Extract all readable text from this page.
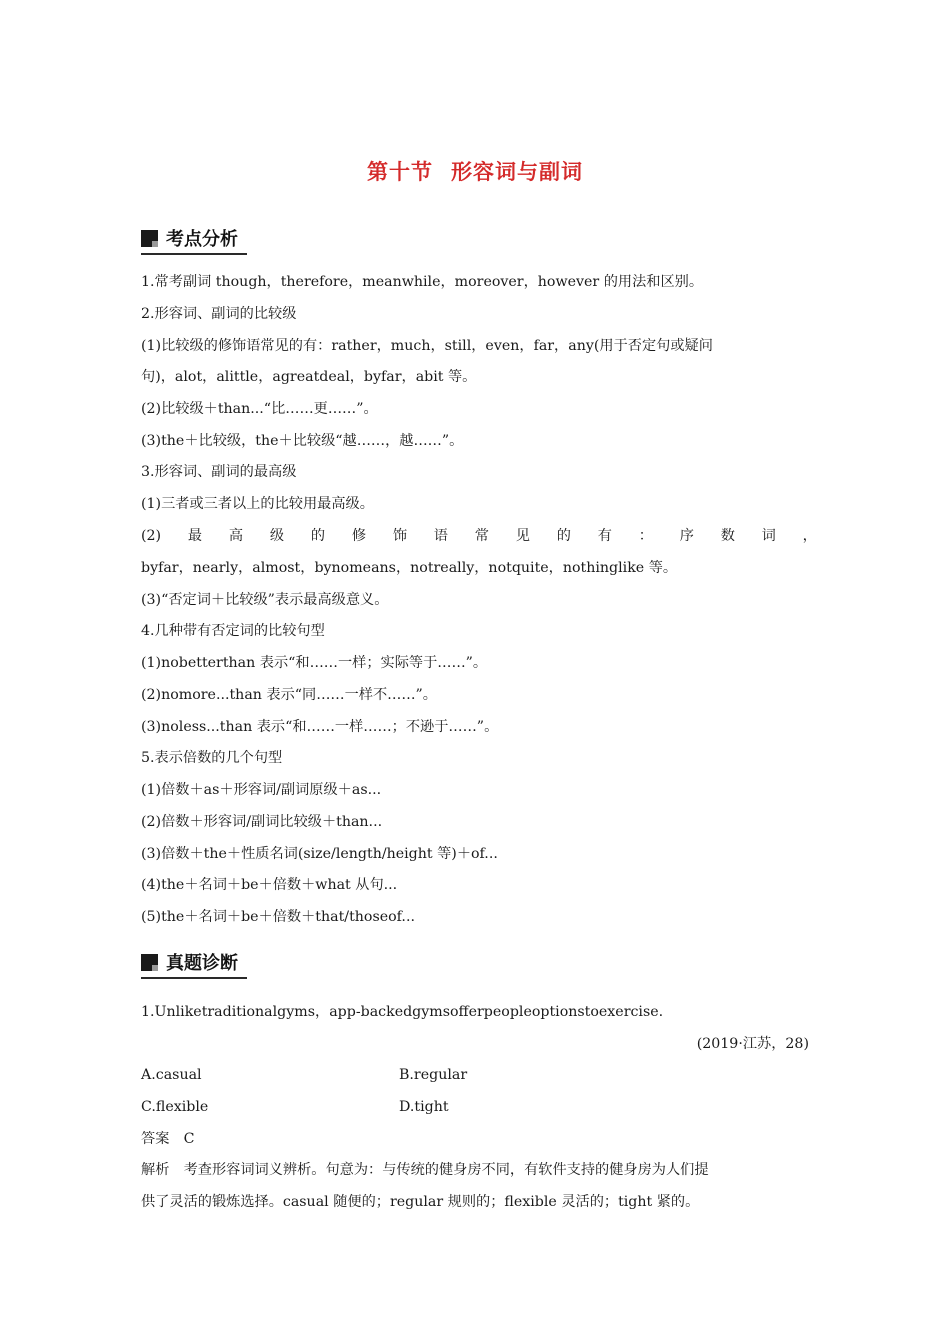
第十节 形容词与副词
考点分析
1.常考副词 though，therefore，meanwhile，moreover，however 的用法和区别。
2.形容词、副词的比较级
(1)比较级的修饰语常见的有：rather，much，still，even，far，any(用于否定句或疑问
句)，alot，alittle，agreatdeal，byfar，abit 等。
(2)比较级＋than...“比……更……”。
(3)the＋比较级，the＋比较级“越……，越……”。
3.形容词、副词的最高级
(1)三者或三者以上的比较用最高级。
(2) 最 高 级 的 修 饰 语 常 见 的 有 ： 序 数 词 ，
byfar，nearly，almost，bynomeans，notreally，notquite，nothinglike 等。
(3)“否定词＋比较级”表示最高级意义。
4.几种带有否定词的比较句型
(1)nobetterthan 表示“和……一样；实际等于……”。
(2)nomore...than 表示“同……一样不……”。
(3)noless...than 表示“和……一样……；不逊于……”。
5.表示倍数的几个句型
(1)倍数＋as＋形容词/副词原级＋as...
(2)倍数＋形容词/副词比较级＋than...
(3)倍数＋the＋性质名词(size/length/height 等)＋of...
(4)the＋名词＋be＋倍数＋what 从句...
(5)the＋名词＋be＋倍数＋that/thoseof...
真题诊断
1.Unliketraditionalgyms，app-backedgymsofferpeopleoptionstoexercise.
(2019·江苏，28)
A.casual	B.regular
C.flexible	D.tight
答案　C
解析　考查形容词词义辨析。句意为：与传统的健身房不同，有软件支持的健身房为人们提
供了灵活的锻炼选择。casual 随便的；regular 规则的；flexible 灵活的；tight 紧的。
